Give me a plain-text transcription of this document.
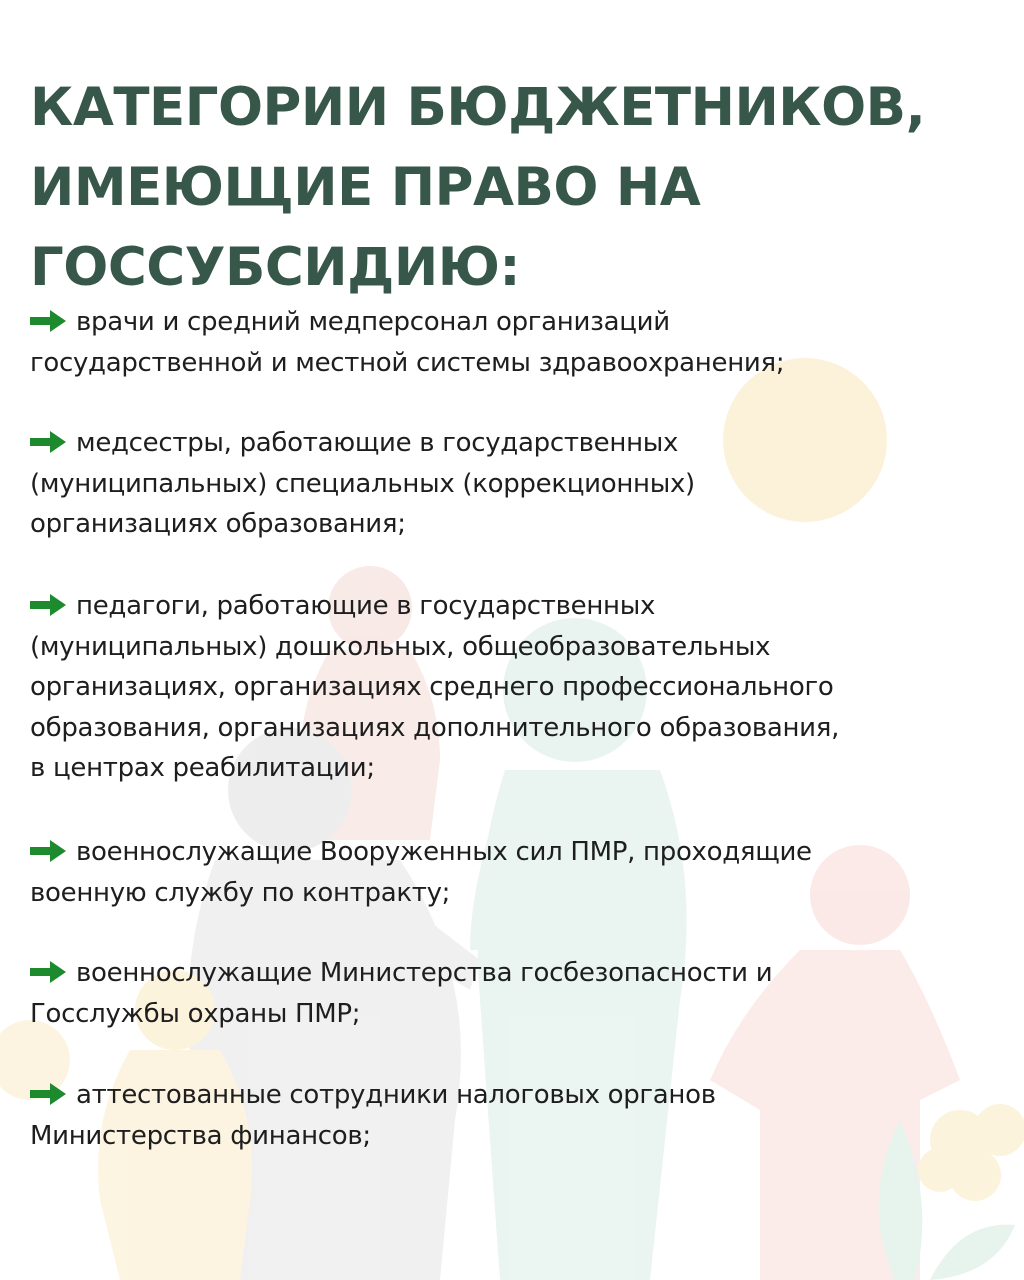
КАТЕГОРИИ БЮДЖЕТНИКОВ,
ИМЕЮЩИЕ ПРАВО НА
ГОССУБСИДИЮ:
врачи и средний медперсонал организаций
государственной и местной системы здравоохранения;
медсестры, работающие в государственных
(муниципальных) специальных (коррекционных)
организациях образования;
педагоги, работающие в государственных
(муниципальных) дошкольных, общеобразовательных
организациях, организациях среднего профессионального
образования, организациях дополнительного образования,
в центрах реабилитации;
военнослужащие Вооруженных сил ПМР, проходящие
военную службу по контракту;
военнослужащие Министерства госбезопасности и
Госслужбы охраны ПМР;
аттестованные сотрудники налоговых органов
Министерства финансов;
